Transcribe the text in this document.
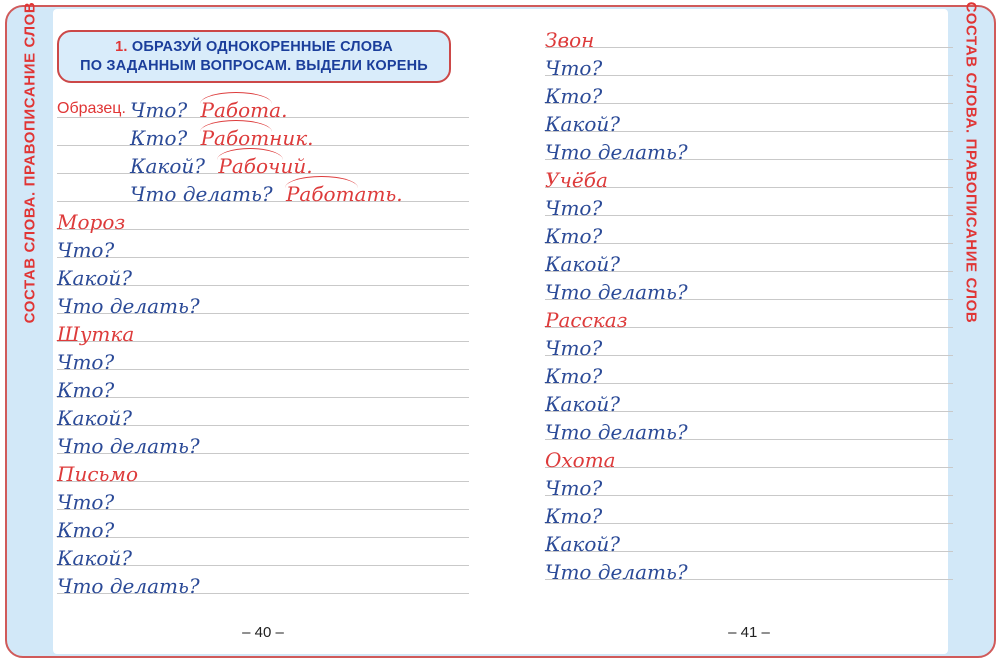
СОСТАВ СЛОВА. ПРАВОПИСАНИЕ СЛОВ	СОСТАВ СЛОВА. ПРАВОПИСАНИЕ СЛОВ
1. ОБРАЗУЙ ОДНОКОРЕННЫЕ СЛОВА
ПО ЗАДАННЫМ ВОПРОСАМ. ВЫДЕЛИ КОРЕНЬ
Образец. Что? Работ
а.
Кто? Работ
ник.
Какой? Рабоч
ий.
Что делать? Работ
ать.
Мороз
Что?
Какой?
Что делать?
Шутка
Что?
Кто?
Какой?
Что делать?
Письмо
Что?
Кто?
Какой?
Что делать?
Звон
Что?
Кто?
Какой?
Что делать?
Учёба
Что?
Кто?
Какой?
Что делать?
Рассказ
Что?
Кто?
Какой?
Что делать?
Охота
Что?
Кто?
Какой?
Что делать?
– 40 –	– 41 –
